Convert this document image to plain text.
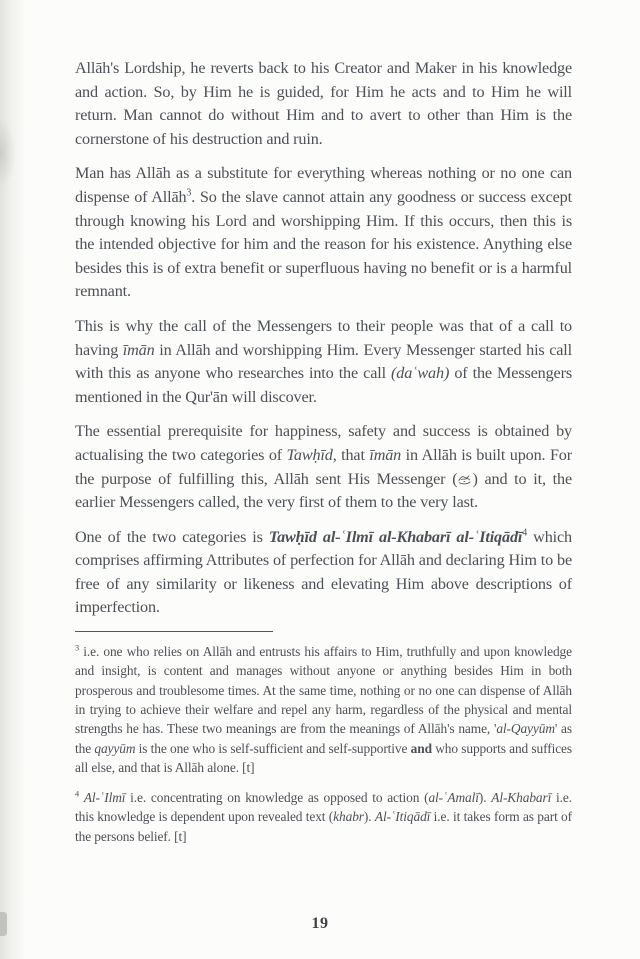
Allāh's Lordship, he reverts back to his Creator and Maker in his knowledge and action. So, by Him he is guided, for Him he acts and to Him he will return. Man cannot do without Him and to avert to other than Him is the cornerstone of his destruction and ruin.

Man has Allāh as a substitute for everything whereas nothing or no one can dispense of Allāh$^3$. So the slave cannot attain any goodness or success except through knowing his Lord and worshipping Him. If this occurs, then this is the intended objective for him and the reason for his existence. Anything else besides this is of extra benefit or superfluous having no benefit or is a harmful remnant.

This is why the call of the Messengers to their people was that of a call to having īmān in Allāh and worshipping Him. Every Messenger started his call with this as anyone who researches into the call (daʿwah) of the Messengers mentioned in the Qur'ān will discover.

The essential prerequisite for happiness, safety and success is obtained by actualising the two categories of Tawḥīd, that īmān in Allāh is built upon. For the purpose of fulfilling this, Allāh sent His Messenger ( ) and to it, the earlier Messengers called, the very first of them to the very last.

One of the two categories is Tawḥīd al-ʿIlmī al-Khabarī al-ʿItiqādī$^4$ which comprises affirming Attributes of perfection for Allāh and declaring Him to be free of any similarity or likeness and elevating Him above descriptions of imperfection.

$^3$ i.e. one who relies on Allāh and entrusts his affairs to Him, truthfully and upon knowledge and insight, is content and manages without anyone or anything besides Him in both prosperous and troublesome times. At the same time, nothing or no one can dispense of Allāh in trying to achieve their welfare and repel any harm, regardless of the physical and mental strengths he has. These two meanings are from the meanings of Allāh's name, 'al-Qayyūm' as the qayyūm is the one who is self-sufficient and self-supportive and who supports and suffices all else, and that is Allāh alone. [t]

$^4$ Al-ʿIlmī i.e. concentrating on knowledge as opposed to action (al-ʿAmalī). Al-Khabarī i.e. this knowledge is dependent upon revealed text (khabr). Al-ʿItiqādī i.e. it takes form as part of the persons belief. [t]

19
